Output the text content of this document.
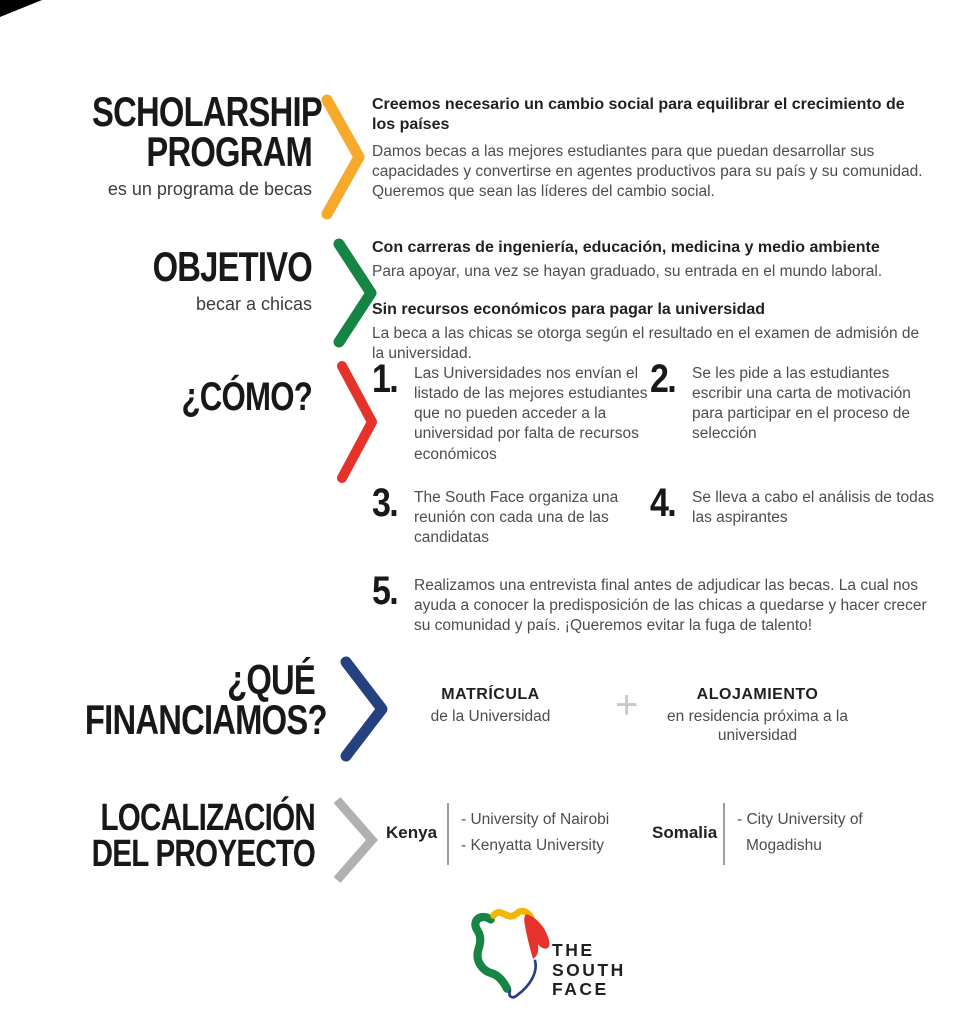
SCHOLARSHIP
PROGRAM
es un programa de becas
Creemos necesario un cambio social para equilibrar el crecimiento de los países
Damos becas a las mejores estudiantes para que puedan desarrollar sus capacidades y convertirse en agentes productivos para su país y su comunidad. Queremos que sean las líderes del cambio social.
OBJETIVO
becar a chicas
Con carreras de ingeniería, educación, medicina y medio ambiente
Para apoyar, una vez se hayan graduado, su entrada en el mundo laboral.
Sin recursos económicos para pagar la universidad
La beca a las chicas se otorga según el resultado en el examen de admisión de la universidad.
¿CÓMO? 1.	Las Universidades nos envían el listado de las mejores estudiantes que no pueden acceder a la universidad por falta de recursos económicos
2.	Se les pide a las estudiantes escribir una carta de motivación para participar en el proceso de selección
3.	The South Face organiza una reunión con cada una de las candidatas
4.	Se lleva a cabo el análisis de todas las aspirantes
5.	Realizamos una entrevista final antes de adjudicar las becas. La cual nos ayuda a conocer la predisposición de las chicas a quedarse y hacer crecer su comunidad y país. ¡Queremos evitar la fuga de talento!
¿QUÉ
FINANCIAMOS?
MATRÍCULA
de la Universidad	+	ALOJAMIENTO
en residencia próxima a la universidad
LOCALIZACIÓN
DEL PROYECTO
Kenya
- University of Nairobi
- Kenyatta University
Somalia
- City University of
Mogadishu
THE
SOUTH
FACE
